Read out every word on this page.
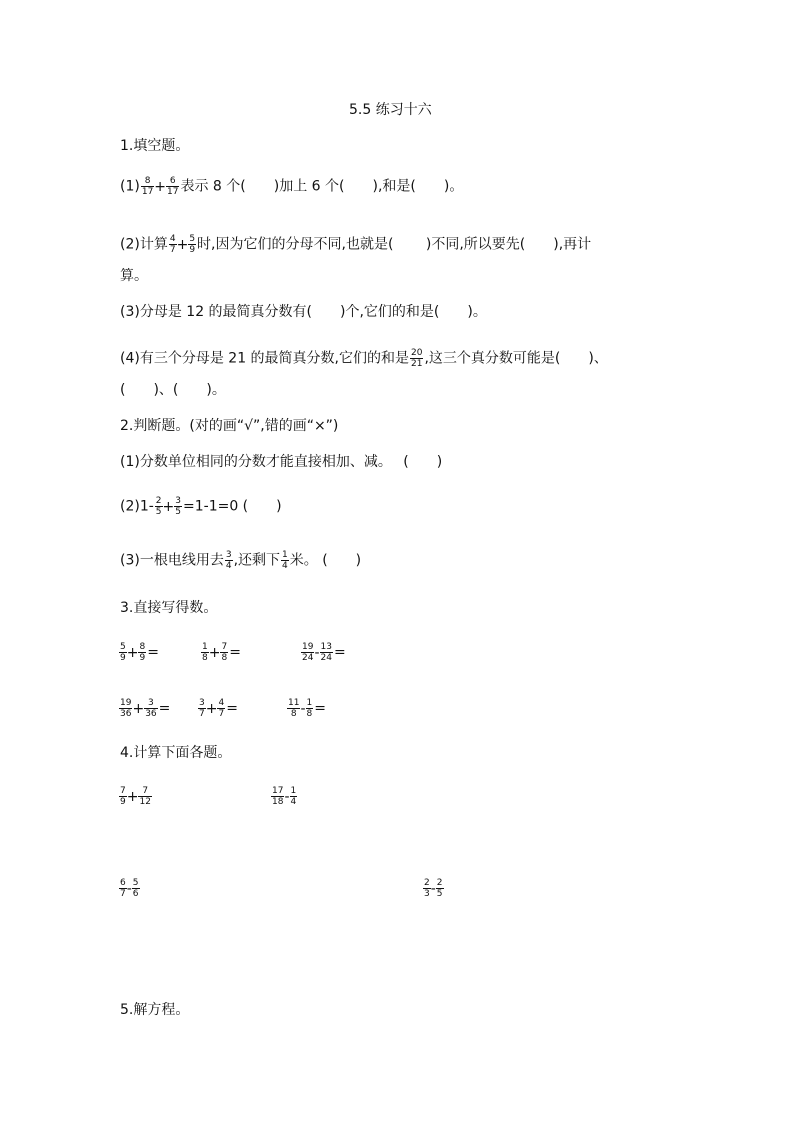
5.5 练习十六
1.填空题。
$(1) \frac{8}{17} + \frac{6}{17}$ 表示 8 个(　　)加上 6 个(　　),和是(　　)。
(2)计算 $\frac{4}{7} + \frac{5}{9}$ 时,因为它们的分母不同,也就是(　　 )不同,所以要先(　　),再计
算。
(3)分母是 12 的最简真分数有(　　)个,它们的和是(　　)。
(4)有三个分母是 21 的最简真分数,它们的和是 $\frac{20}{21}$ ,这三个真分数可能是(　　)、
(　　)、(　　)。
2.判断题。(对的画“√”,错的画“×”)
(1)分数单位相同的分数才能直接相加、减。　 (　　)
$(2)1- \frac{2}{5} + \frac{3}{5} =1-1=0$ (　　)
(3)一根电线用去 $\frac{3}{4}$ ,还剩下 $\frac{1}{4}$ 米。 (　　)
3.直接写得数。
$\frac{5}{9} + \frac{8}{9}$ =	$\frac{1}{8} + \frac{7}{8}$ =	$\frac{19}{24} - \frac{13}{24}$ =
$\frac{19}{36} + \frac{3}{36}$ =	$\frac{3}{7} + \frac{4}{7}$ =	$\frac{11}{8} - \frac{1}{8}$ =
4.计算下面各题。
$\frac{7}{9} + \frac{7}{12}$	$\frac{17}{18} - \frac{1}{4}$
$\frac{6}{7} - \frac{5}{6}$	$\frac{2}{3} - \frac{2}{5}$
5.解方程。
